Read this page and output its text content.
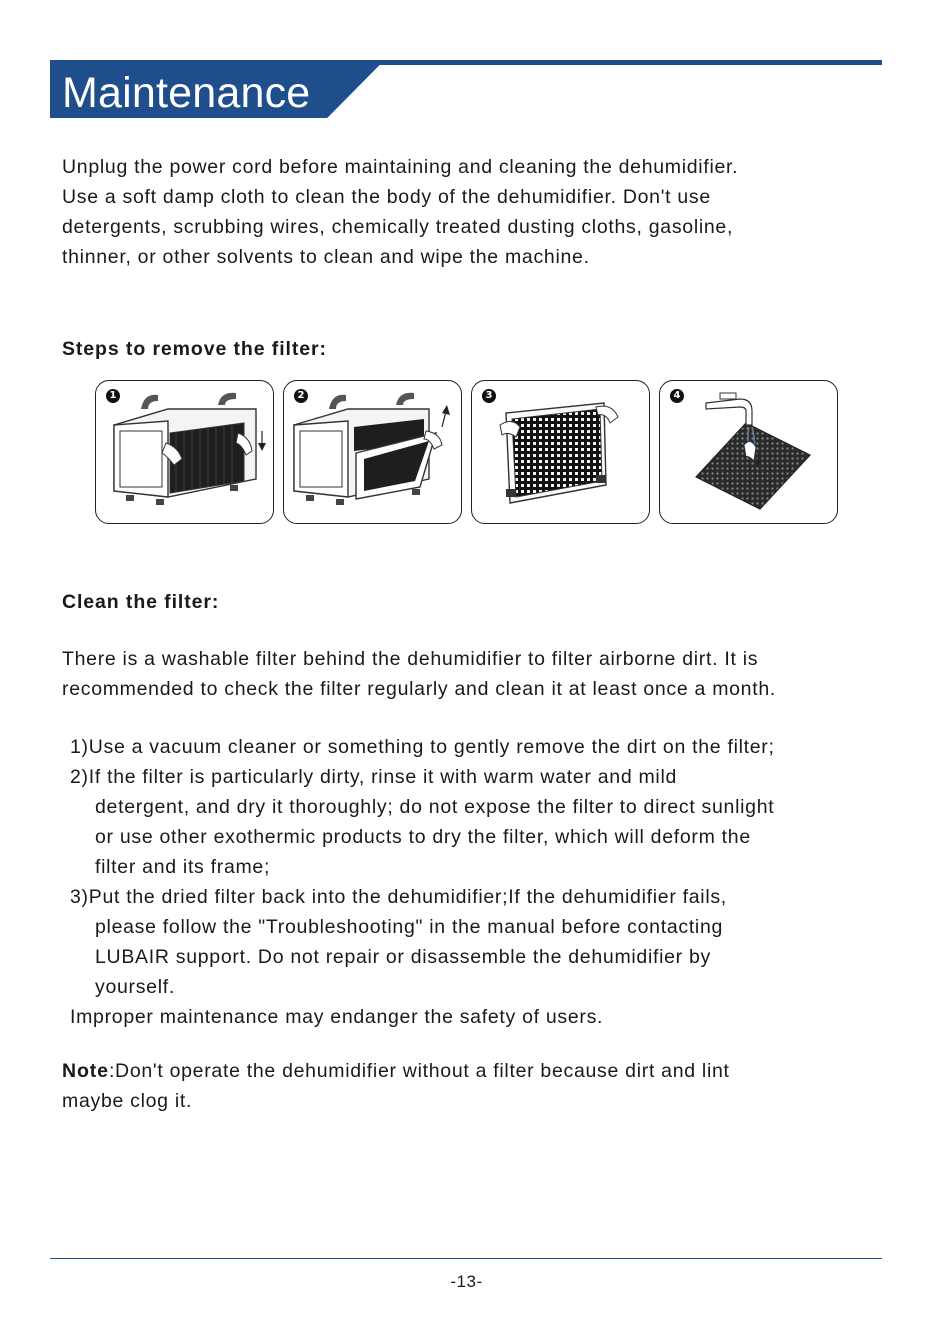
Maintenance

Unplug the power cord before maintaining and cleaning the dehumidifier.

Use a soft damp cloth to clean the body of the dehumidifier. Don't use

detergents, scrubbing wires, chemically treated dusting cloths, gasoline,

thinner, or other solvents to clean and wipe the machine.

Steps to remove the filter:

1	2	3	4

Clean the filter:

There is a washable filter behind the dehumidifier to filter airborne dirt. It is

recommended to check the filter regularly and clean it at least once a month.

1)Use a vacuum cleaner or something to gently remove the dirt on the filter;
2)If the filter is particularly dirty, rinse it with warm water and mild
detergent, and dry it thoroughly; do not expose the filter to direct sunlight
or use other exothermic products to dry the filter, which will deform the
filter and its frame;
3)Put the dried filter back into the dehumidifier;If the dehumidifier fails,
please follow the "Troubleshooting" in the manual before contacting
LUBAIR support. Do not repair or disassemble the dehumidifier by
yourself.
Improper maintenance may endanger the safety of users.
Note:Don't operate the dehumidifier without a filter because dirt and lint
maybe clog it.
-13-
